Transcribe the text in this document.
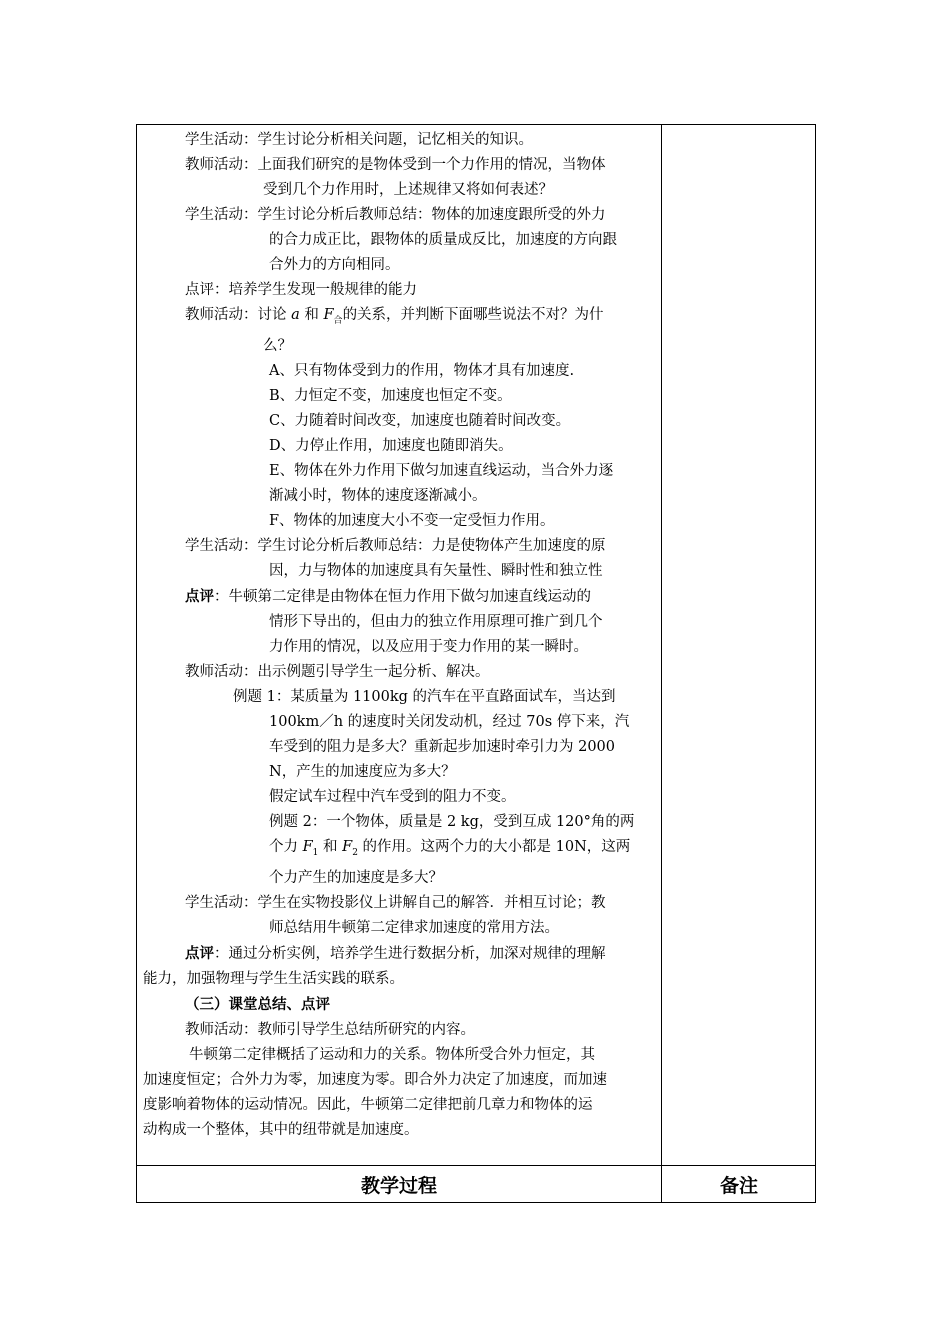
学生活动：学生讨论分析相关问题，记忆相关的知识。
教师活动：上面我们研究的是物体受到一个力作用的情况，当物体
受到几个力作用时，上述规律又将如何表述？
学生活动：学生讨论分析后教师总结：物体的加速度跟所受的外力
的合力成正比，跟物体的质量成反比，加速度的方向跟
合外力的方向相同。
点评：培养学生发现一般规律的能力
教师活动：讨论 a 和 $F_合$的关系，并判断下面哪些说法不对？为什
么？
A、只有物体受到力的作用，物体才具有加速度.
B、力恒定不变，加速度也恒定不变。
C、力随着时间改变，加速度也随着时间改变。
D、力停止作用，加速度也随即消失。
E、物体在外力作用下做匀加速直线运动，当合外力逐
渐减小时，物体的速度逐渐减小。
F、物体的加速度大小不变一定受恒力作用。
学生活动：学生讨论分析后教师总结：力是使物体产生加速度的原
因，力与物体的加速度具有矢量性、瞬时性和独立性
点评：牛顿第二定律是由物体在恒力作用下做匀加速直线运动的
情形下导出的，但由力的独立作用原理可推广到几个
力作用的情况，以及应用于变力作用的某一瞬时。
教师活动：出示例题引导学生一起分析、解决。
例题 1：某质量为 1100kg 的汽车在平直路面试车，当达到
100km／h 的速度时关闭发动机，经过 70s 停下来，汽
车受到的阻力是多大？重新起步加速时牵引力为 2000
N，产生的加速度应为多大？
假定试车过程中汽车受到的阻力不变。
例题 2：一个物体，质量是 2 kg，受到互成 120°角的两
个力 $F_1$ 和 $F_2$ 的作用。这两个力的大小都是 10N，这两
个力产生的加速度是多大？
学生活动：学生在实物投影仪上讲解自己的解答．并相互讨论；教
师总结用牛顿第二定律求加速度的常用方法。
点评：通过分析实例，培养学生进行数据分析，加深对规律的理解
能力，加强物理与学生生活实践的联系。
（三）课堂总结、点评
教师活动：教师引导学生总结所研究的内容。
牛顿第二定律概括了运动和力的关系。物体所受合外力恒定，其
加速度恒定；合外力为零，加速度为零。即合外力决定了加速度，而加速
度影响着物体的运动情况。因此，牛顿第二定律把前几章力和物体的运
动构成一个整体，其中的纽带就是加速度。
教学过程	备注
